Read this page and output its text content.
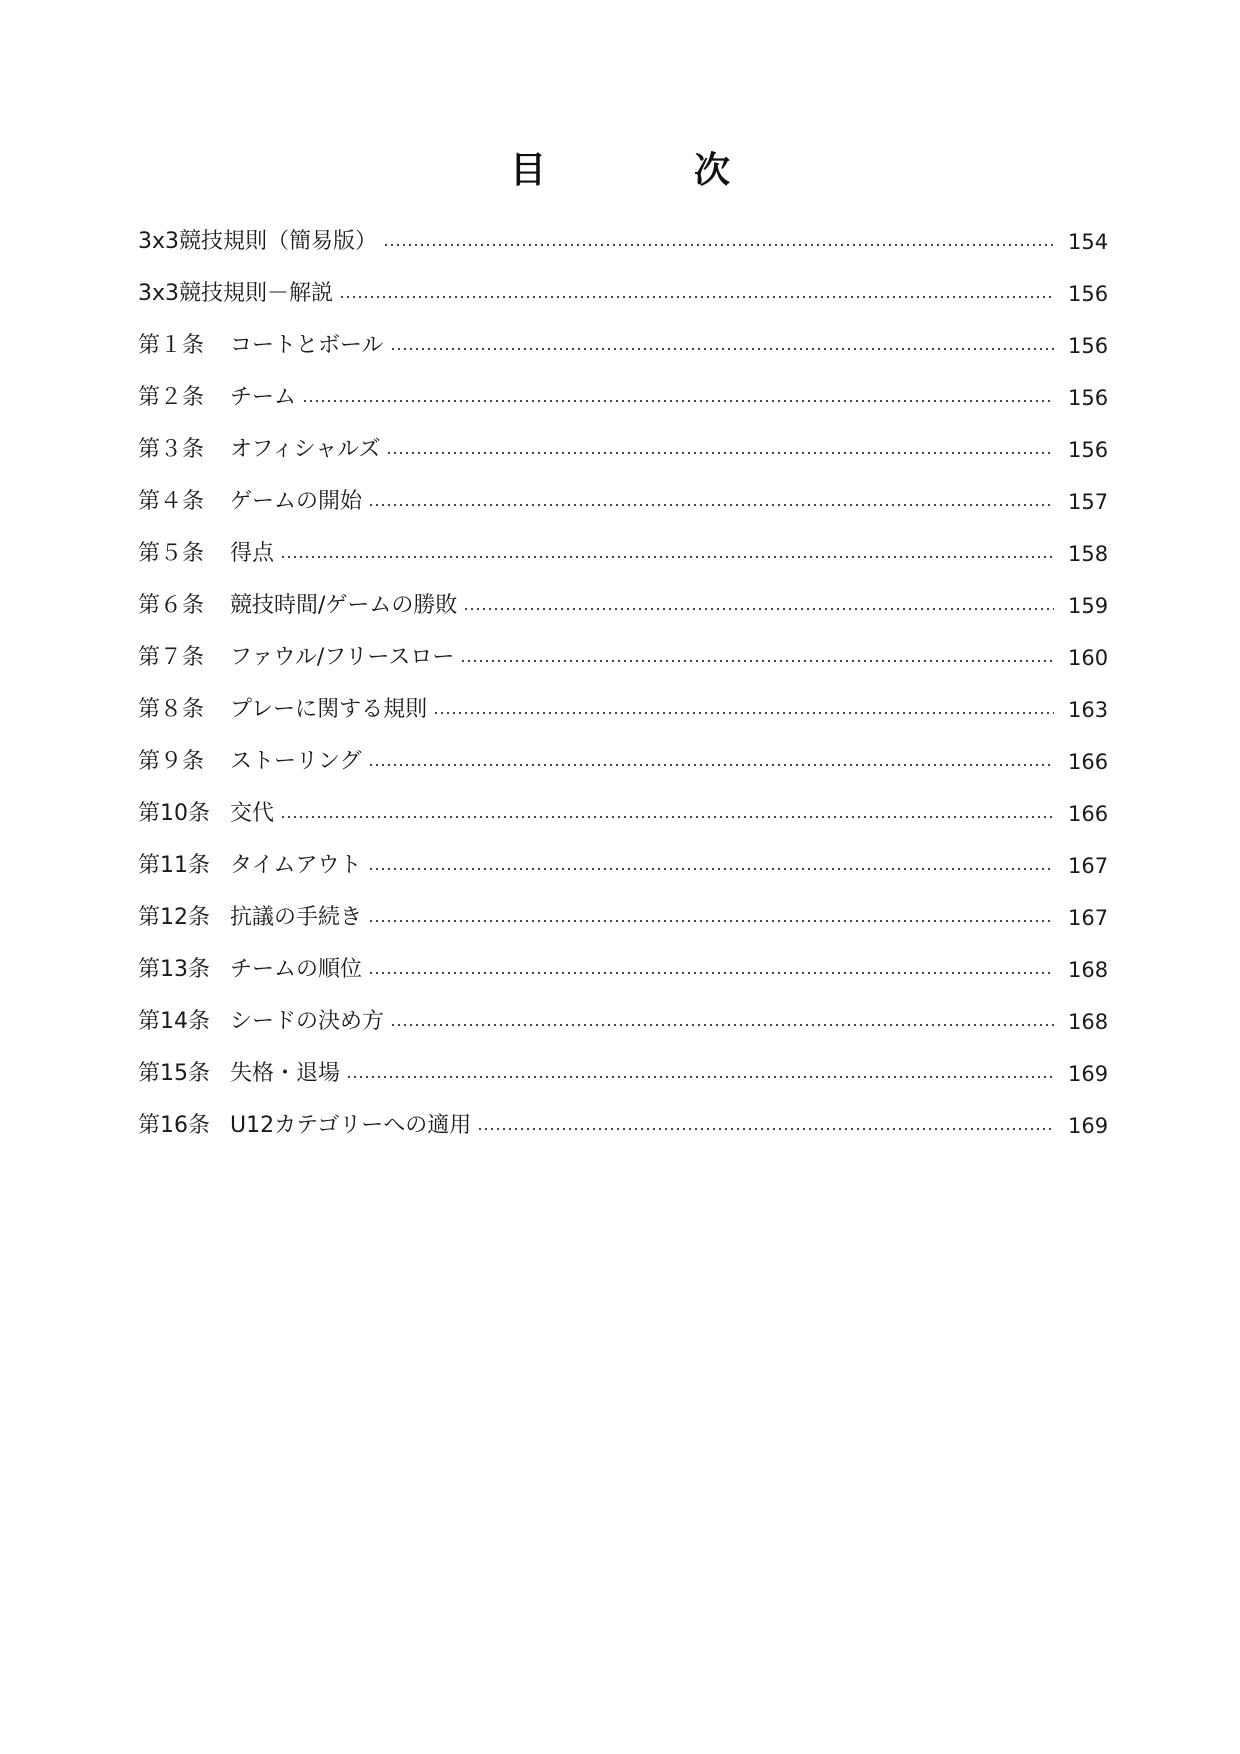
目　次
3x3競技規則（簡易版）	154
3x3競技規則－解説	156
第１条	コートとボール	156
第２条	チーム	156
第３条	オフィシャルズ	156
第４条	ゲームの開始	157
第５条	得点	158
第６条	競技時間/ゲームの勝敗	159
第７条	ファウル/フリースロー	160
第８条	プレーに関する規則	163
第９条	ストーリング	166
第10条 交代	166
第11条 タイムアウト	167
第12条 抗議の手続き	167
第13条 チームの順位	168
第14条 シードの決め方	168
第15条 失格・退場	169
第16条 U12カテゴリーへの適用	169
